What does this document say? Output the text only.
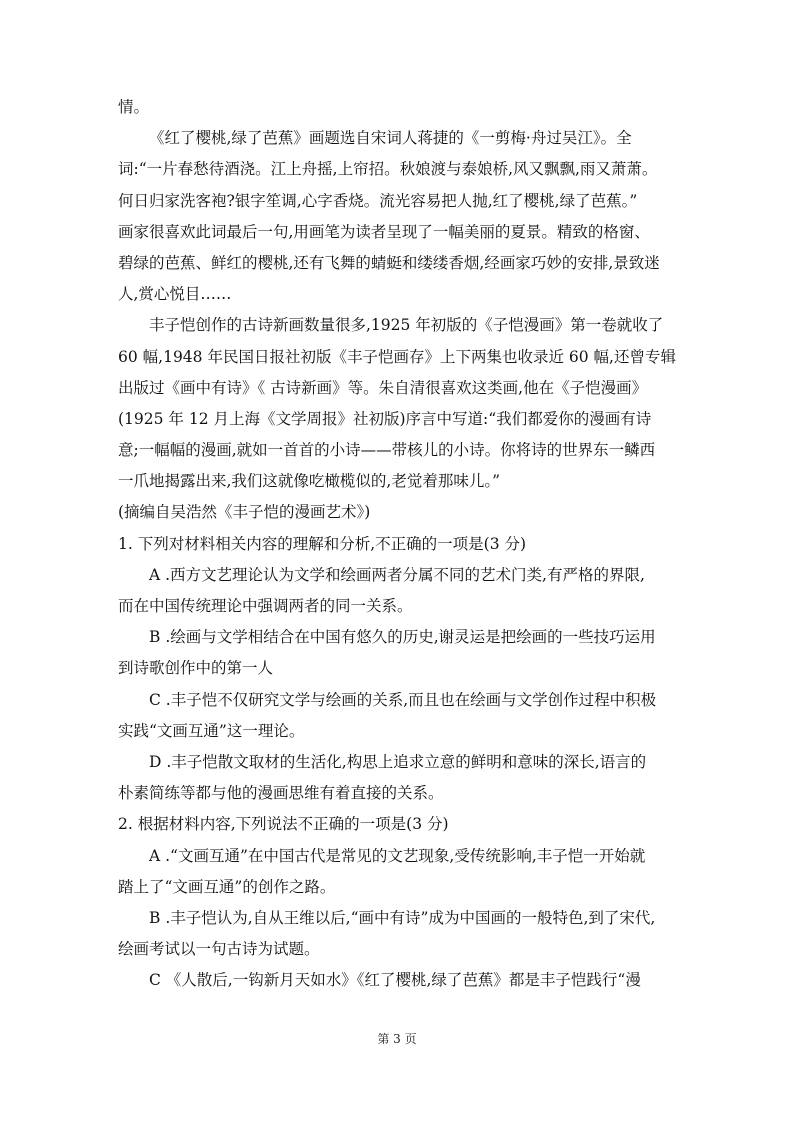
情。
《红了樱桃,绿了芭蕉》画题选自宋词人蒋捷的《一剪梅·舟过吴江》。全
词:“一片春愁待酒浇。江上舟摇,上帘招。秋娘渡与泰娘桥,风又飘飘,雨又萧萧。
何日归家洗客袍?银字笙调,心字香烧。流光容易把人抛,红了樱桃,绿了芭蕉。”
画家很喜欢此词最后一句,用画笔为读者呈现了一幅美丽的夏景。精致的格窗、
碧绿的芭蕉、鲜红的樱桃,还有飞舞的蜻蜓和缕缕香烟,经画家巧妙的安排,景致迷
人,赏心悦目……
丰子恺创作的古诗新画数量很多,1925 年初版的《子恺漫画》第一卷就收了
60 幅,1948 年民国日报社初版《丰子恺画存》上下两集也收录近 60 幅,还曾专辑
出版过《画中有诗》《 古诗新画》等。朱自清很喜欢这类画,他在《子恺漫画》
(1925 年 12 月上海《文学周报》社初版)序言中写道:“我们都爱你的漫画有诗
意;一幅幅的漫画,就如一首首的小诗——带核儿的小诗。你将诗的世界东一鳞西
一爪地揭露出来,我们这就像吃橄榄似的,老觉着那味儿。”
(摘编自吴浩然《丰子恺的漫画艺术》)
1. 下列对材料相关内容的理解和分析,不正确的一项是(3 分)
A .西方文艺理论认为文学和绘画两者分属不同的艺术门类,有严格的界限,
而在中国传统理论中强调两者的同一关系。
B .绘画与文学相结合在中国有悠久的历史,谢灵运是把绘画的一些技巧运用
到诗歌创作中的第一人
C .丰子恺不仅研究文学与绘画的关系,而且也在绘画与文学创作过程中积极
实践“文画互通”这一理论。
D .丰子恺散文取材的生活化,构思上追求立意的鲜明和意味的深长,语言的
朴素简练等都与他的漫画思维有着直接的关系。
2. 根据材料内容,下列说法不正确的一项是(3 分)
A .“文画互通”在中国古代是常见的文艺现象,受传统影响,丰子恺一开始就
踏上了“文画互通”的创作之路。
B .丰子恺认为,自从王维以后,“画中有诗”成为中国画的一般特色,到了宋代,
绘画考试以一句古诗为试题。
C 《人散后,一钩新月天如水》《红了樱桃,绿了芭蕉》都是丰子恺践行“漫
第 3 页
